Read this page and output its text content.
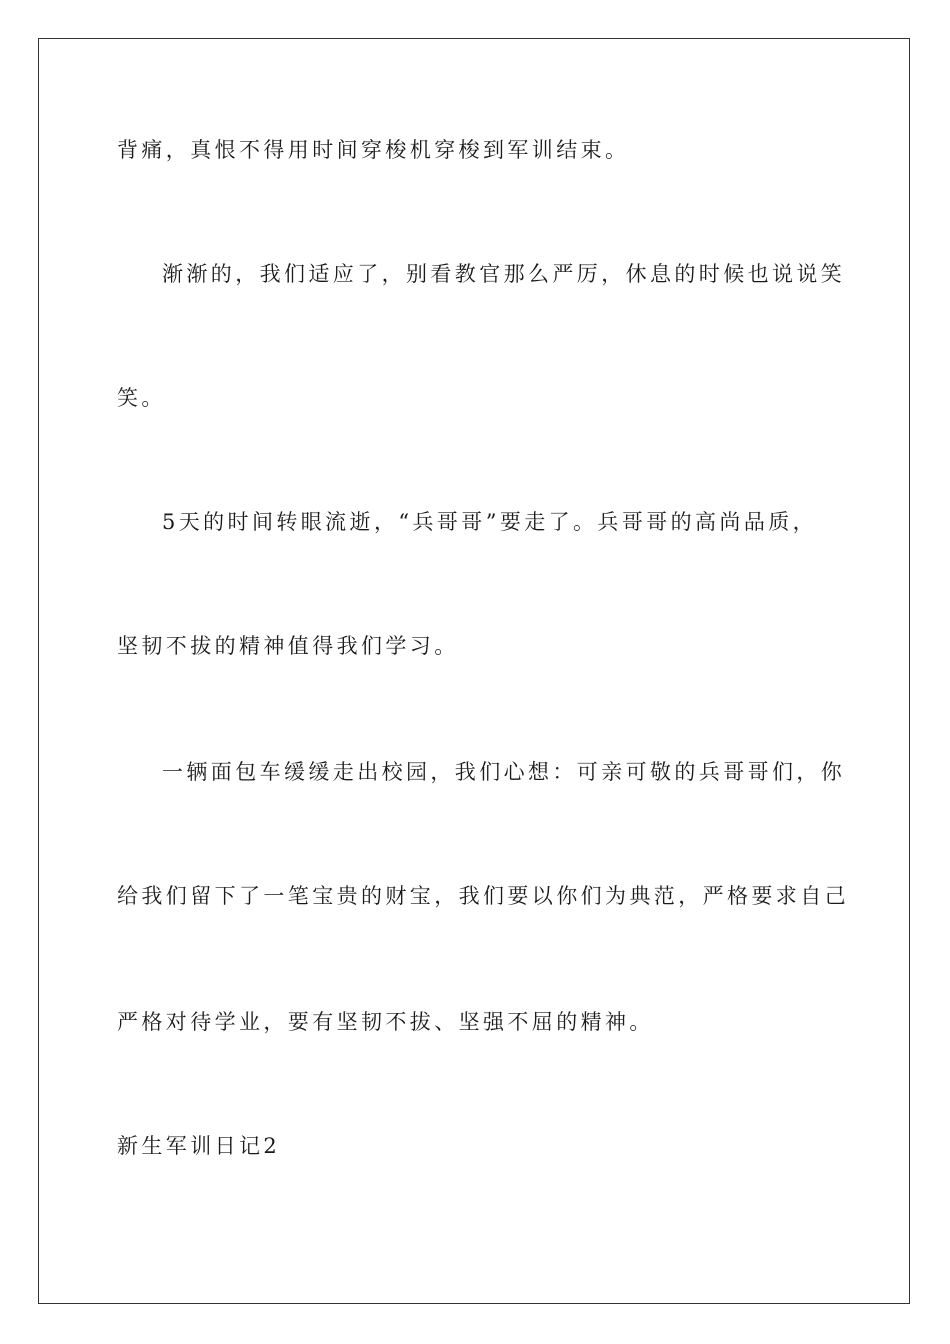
背痛，真恨不得用时间穿梭机穿梭到军训结束。
渐渐的，我们适应了，别看教官那么严厉，休息的时候也说说笑
笑。
5天的时间转眼流逝，“兵哥哥”要走了。兵哥哥的高尚品质，
坚韧不拔的精神值得我们学习。
一辆面包车缓缓走出校园，我们心想：可亲可敬的兵哥哥们，你
给我们留下了一笔宝贵的财宝，我们要以你们为典范，严格要求自己
严格对待学业，要有坚韧不拔、坚强不屈的精神。
新生军训日记2
